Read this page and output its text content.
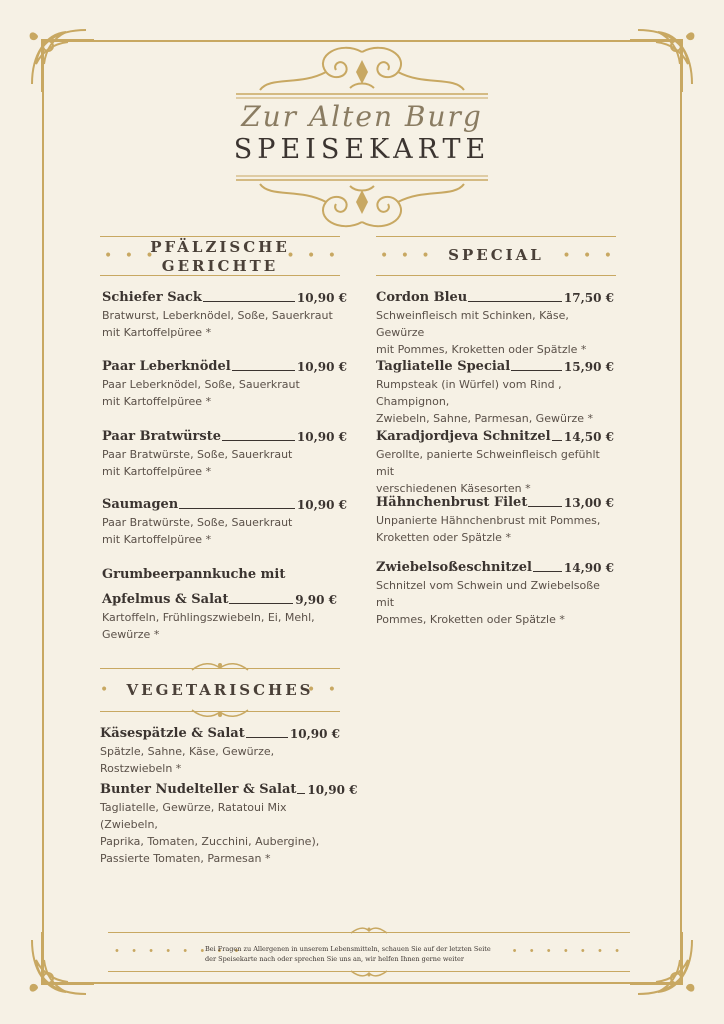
Zur Alten Burg
SPEISEKARTE
• • •
PFÄLZISCHE
GERICHTE
• • •
Schiefer Sack	10,90 €
Bratwurst, Leberknödel, Soße, Sauerkraut
mit Kartoffelpüree *
Paar Leberknödel	10,90 €
Paar Leberknödel, Soße, Sauerkraut
mit Kartoffelpüree *
Paar Bratwürste	10,90 €
Paar Bratwürste, Soße, Sauerkraut
mit Kartoffelpüree *
Saumagen	10,90 €
Paar Bratwürste, Soße, Sauerkraut
mit Kartoffelpüree *
Grumbeerpannkuche mit
Apfelmus & Salat	9,90 €
Kartoffeln, Frühlingszwiebeln, Ei, Mehl,
Gewürze *
• VEGETARISCHES
• •
Käsespätzle & Salat	10,90 €
Spätzle, Sahne, Käse, Gewürze, Rostzwiebeln *
Bunter Nudelteller & Salat 10,90 €
Tagliatelle, Gewürze, Ratatoui Mix (Zwiebeln,
Paprika, Tomaten, Zucchini, Aubergine),
Passierte Tomaten, Parmesan *
• • • SPECIAL	• • •
Cordon Bleu	17,50 €
Schweinfleisch mit Schinken, Käse, Gewürze
mit Pommes, Kroketten oder Spätzle *
Tagliatelle Special	15,90 €
Rumpsteak (in Würfel) vom Rind , Champignon,
Zwiebeln, Sahne, Parmesan, Gewürze *
Karadjordjeva Schnitzel 14,50 €
Gerollte, panierte Schweinfleisch gefühlt mit
verschiedenen Käsesorten *
Hähnchenbrust Filet	13,00 €
Unpanierte Hähnchenbrust mit Pommes,
Kroketten oder Spätzle *
Zwiebelsoßeschnitzel	14,90 €
Schnitzel vom Schwein und Zwiebelsoße mit
Pommes, Kroketten oder Spätzle *
• • • • • • • •
Bei Fragen zu Allergenen in unserem Lebensmitteln, schauen Sie auf der letzten Seite
der Speisekarte nach oder sprechen Sie uns an, wir helfen Ihnen gerne weiter
• • • • • • •
